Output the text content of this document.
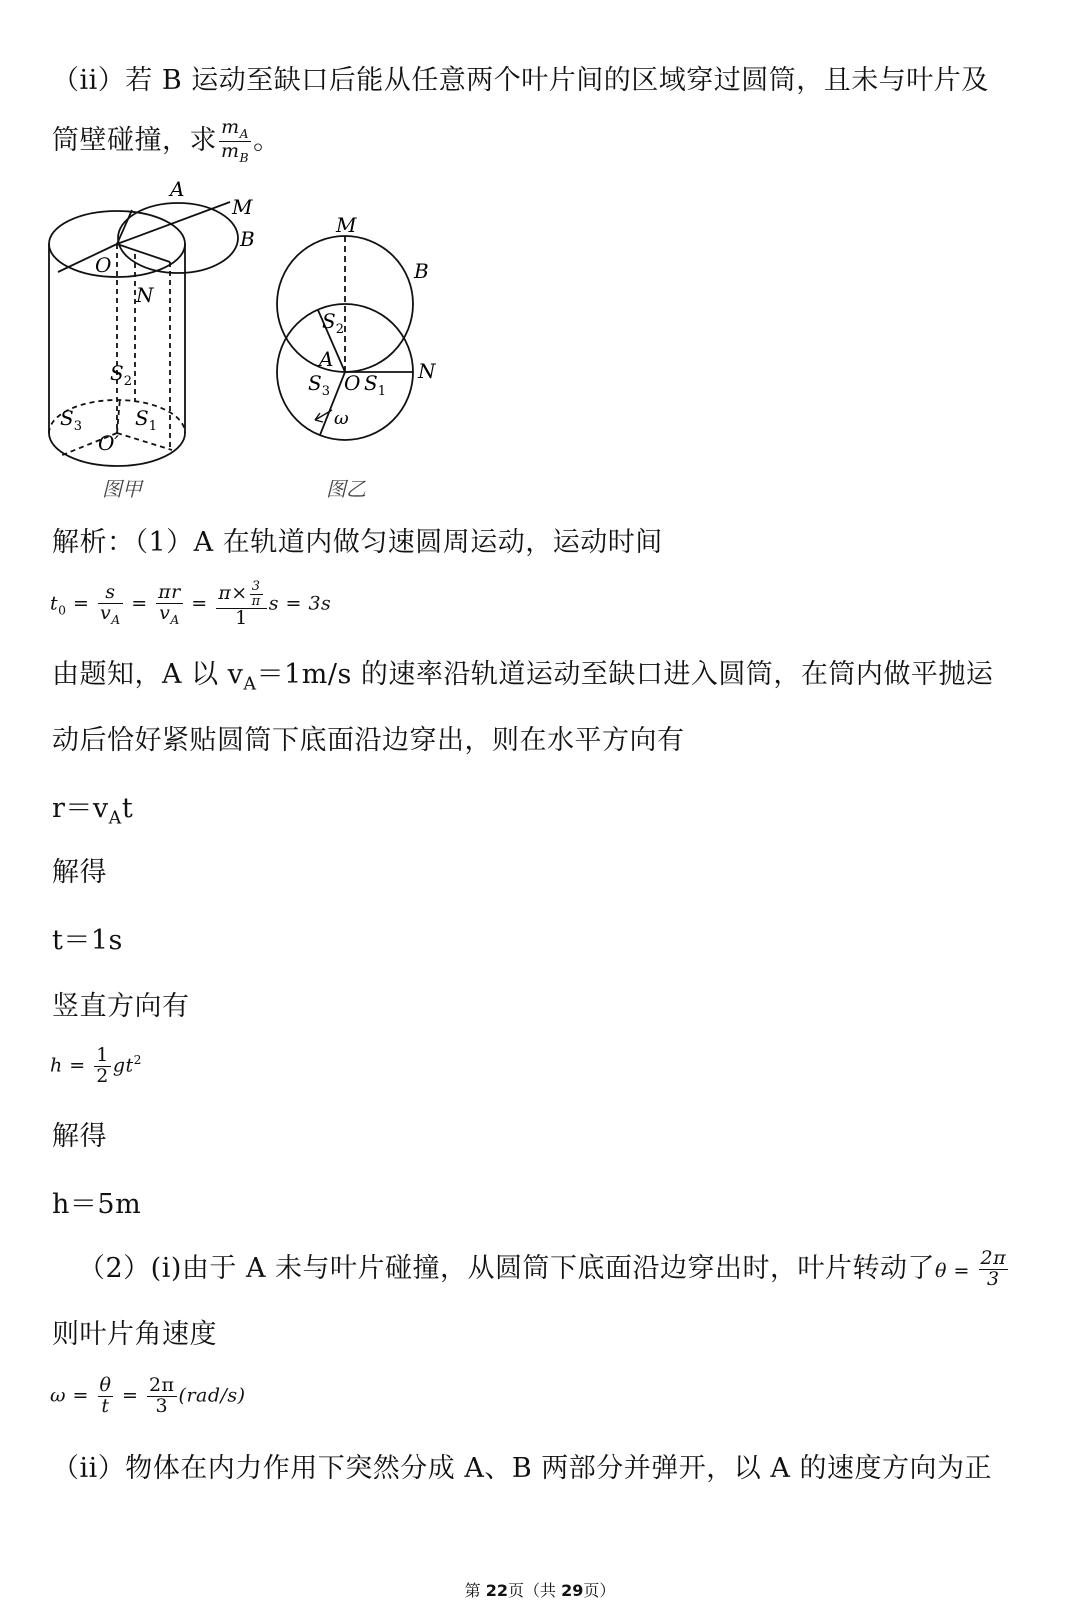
（ii）若 B 运动至缺口后能从任意两个叶片间的区域穿过圆筒，且未与叶片及
筒壁碰撞，求 $\frac{m_A}{m_B}$ 。
A
M
B
O
N
$S_2$
$S_3$	$S_1$
O′
图甲
M
B
$S_2$
A	N
$S_3$ O $S_1$
ω
图乙
解析：（1）A 在轨道内做匀速圆周运动，运动时间
$t_0 = \frac{s}{v_A} = \frac{\pi r}{v_A} = \frac{\pi\times \frac{3}{\pi}}{1}$ s = 3s
由题知，A 以 $v_A=1m/s$ 的速率沿轨道运动至缺口进入圆筒，在筒内做平抛运
动后恰好紧贴圆筒下底面沿边穿出，则在水平方向有
$r=v_At$
解得
t＝1s
竖直方向有
$h = \frac{1}{2} gt^2$
解得
h＝5m
（2）(ⅰ)由于 A 未与叶片碰撞，从圆筒下底面沿边穿出时，叶片转动了$\theta = \frac{2\pi}{3}$
则叶片角速度
$\omega = \frac{\theta}{t} = \frac{2\pi}{3} (rad/s)$
（ii）物体在内力作用下突然分成 A、B 两部分并弹开，以 A 的速度方向为正
第 22页（共 29页）
